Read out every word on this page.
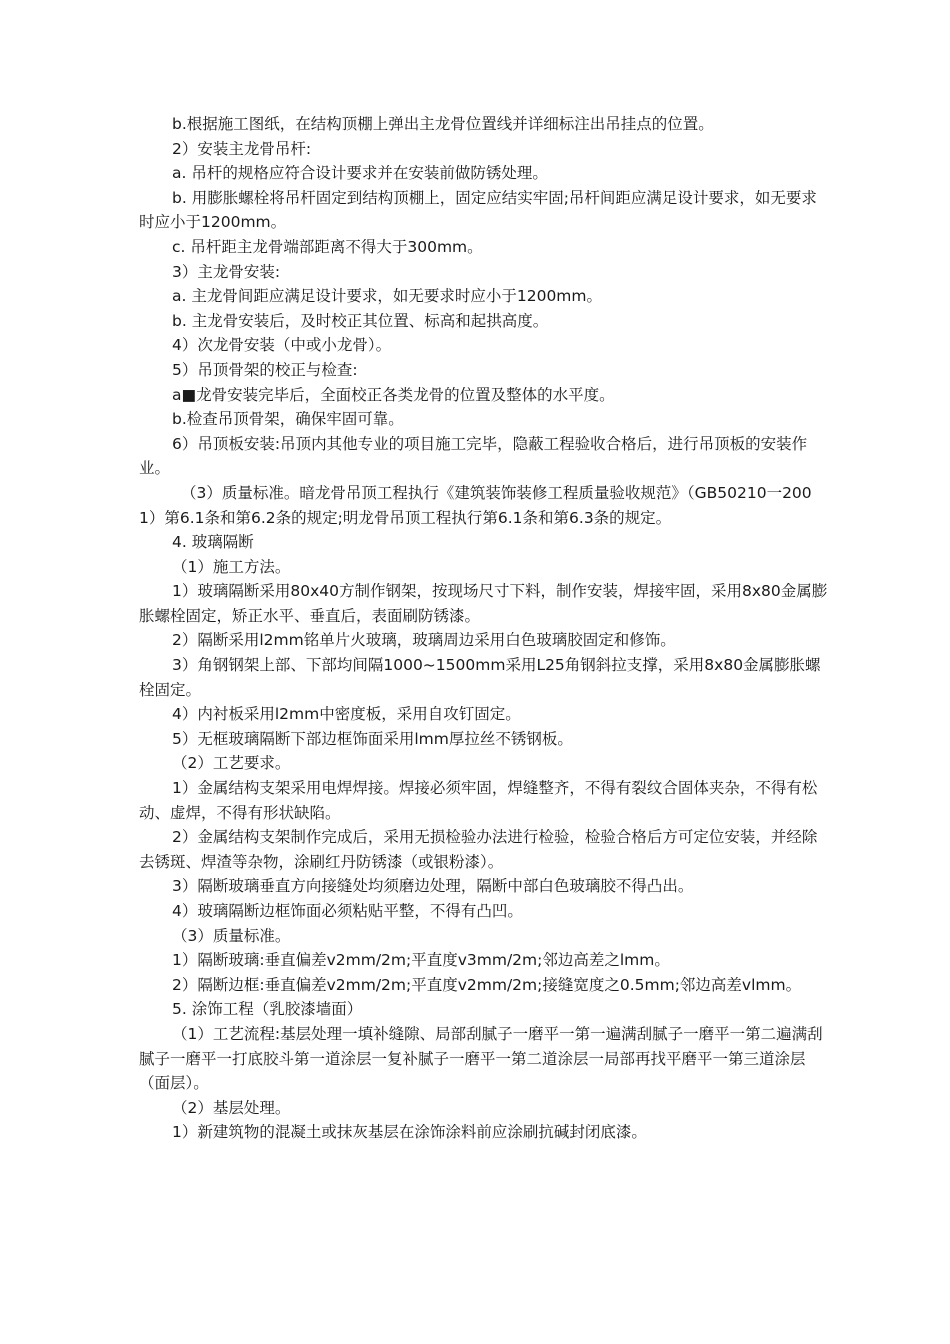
b.根据施工图纸，在结构顶棚上弹出主龙骨位置线并详细标注出吊挂点的位置。

2）安装主龙骨吊杆:

a. 吊杆的规格应符合设计要求并在安装前做防锈处理。

b. 用膨胀螺栓将吊杆固定到结构顶棚上，固定应结实牢固;吊杆间距应满足设计要求，如无要求时应小于1200mm。

c. 吊杆距主龙骨端部距离不得大于300mm。

3）主龙骨安装:

a. 主龙骨间距应满足设计要求，如无要求时应小于1200mm。

b. 主龙骨安装后，及时校正其位置、标高和起拱高度。

4）次龙骨安装（中或小龙骨）。

5）吊顶骨架的校正与检查:

a■龙骨安装完毕后，全面校正各类龙骨的位置及整体的水平度。

b.检查吊顶骨架，确保牢固可靠。

6）吊顶板安装:吊顶内其他专业的项目施工完毕，隐蔽工程验收合格后，进行吊顶板的安装作业。

（3）质量标准。暗龙骨吊顶工程执行《建筑装饰装修工程质量验收规范》（GB50210一2001）第6.1条和第6.2条的规定;明龙骨吊顶工程执行第6.1条和第6.3条的规定。

4. 玻璃隔断

（1）施工方法。

1）玻璃隔断采用80x40方制作钢架，按现场尺寸下料，制作安装，焊接牢固，采用8x80金属膨胀螺栓固定，矫正水平、垂直后，表面刷防锈漆。

2）隔断采用l2mm铭单片火玻璃，玻璃周边采用白色玻璃胶固定和修饰。

3）角钢钢架上部、下部均间隔1000~1500mm采用L25角钢斜拉支撑，采用8x80金属膨胀螺栓固定。

4）内衬板采用l2mm中密度板，采用自攻钉固定。

5）无框玻璃隔断下部边框饰面采用lmm厚拉丝不锈钢板。

（2）工艺要求。

1）金属结构支架采用电焊焊接。焊接必须牢固，焊缝整齐，不得有裂纹合固体夹杂，不得有松动、虚焊，不得有形状缺陷。

2）金属结构支架制作完成后，采用无损检验办法进行检验，检验合格后方可定位安装，并经除去锈斑、焊渣等杂物，涂刷红丹防锈漆（或银粉漆）。

3）隔断玻璃垂直方向接缝处均须磨边处理，隔断中部白色玻璃胶不得凸出。

4）玻璃隔断边框饰面必须粘贴平整，不得有凸凹。

（3）质量标准。

1）隔断玻璃:垂直偏差v2mm/2m;平直度v3mm/2m;邻边高差之lmm。

2）隔断边框:垂直偏差v2mm/2m;平直度v2mm/2m;接缝宽度之0.5mm;邻边高差vlmm。

5. 涂饰工程（乳胶漆墙面）

（1）工艺流程:基层处理一填补缝隙、局部刮腻子一磨平一第一遍满刮腻子一磨平一第二遍满刮腻子一磨平一打底胶斗第一道涂层一复补腻子一磨平一第二道涂层一局部再找平磨平一第三道涂层（面层）。

（2）基层处理。

1）新建筑物的混凝土或抹灰基层在涂饰涂料前应涂刷抗碱封闭底漆。
